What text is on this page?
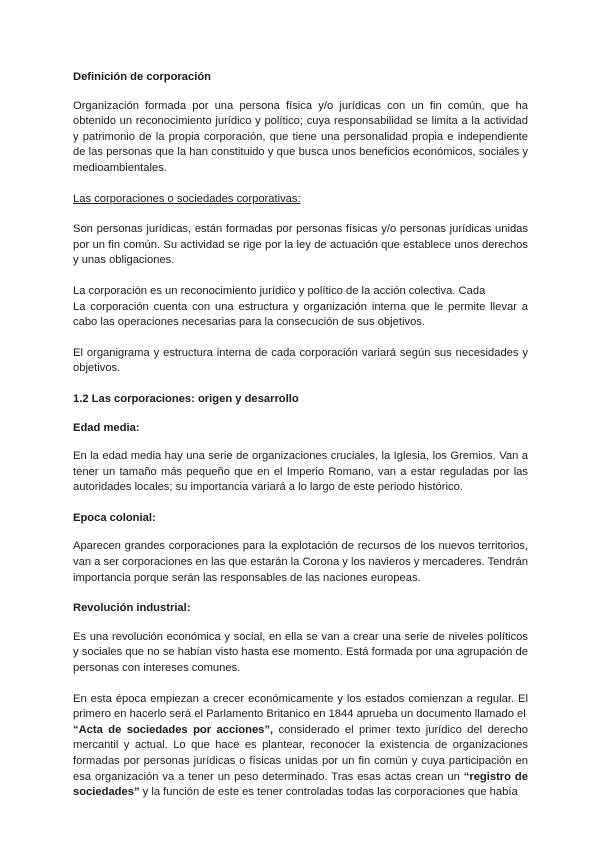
Definición de corporación

Organización formada por una persona física y/o jurídicas con un fin común, que ha obtenido un reconocimiento jurídico y político; cuya responsabilidad se limita a la actividad y patrimonio de la propia corporación, que tiene una personalidad propia e independiente de las personas que la han constituido y que busca unos beneficios económicos, sociales y medioambientales.

Las corporaciones o sociedades corporativas:

Son personas jurídicas, están formadas por personas físicas y/o personas jurídicas unidas por un fin común. Su actividad se rige por la ley de actuación que establece unos derechos y unas obligaciones.

La corporación es un reconocimiento jurídico y político de la acción colectiva. Cada

La corporación cuenta con una estructura y organización interna que le permite llevar a cabo las operaciones necesarias para la consecución de sus objetivos.

El organigrama y estructura interna de cada corporación variará según sus necesidades y objetivos.

1.2 Las corporaciones: origen y desarrollo

Edad media:

En la edad media hay una serie de organizaciones cruciales, la Iglesia, los Gremios. Van a tener un tamaño más pequeño que en el Imperio Romano, van a estar reguladas por las autoridades locales; su importancia variará a lo largo de este periodo histórico.

Epoca colonial:

Aparecen grandes corporaciones para la explotación de recursos de los nuevos territorios, van a ser corporaciones en las que estarán la Corona y los navieros y mercaderes. Tendrán importancia porque serán las responsables de las naciones europeas.

Revolución industrial:

Es una revolución económica y social, en ella se van a crear una serie de niveles políticos y sociales que no se habían visto hasta ese momento. Está formada por una agrupación de personas con intereses comunes.

En esta época empiezan a crecer económicamente y los estados comienzan a regular. El primero en hacerlo será el Parlamento Britanico en 1844 aprueba un documento llamado el
“Acta de sociedades por acciones”, considerado el primer texto jurídico del derecho mercantil y actual. Lo que hace es plantear, reconocer la existencia de organizaciones formadas por personas jurídicas o físicas unidas por un fin común y cuya participación en esa organización va a tener un peso determinado. Tras esas actas crean un “registro de sociedades” y la función de este es tener controladas todas las corporaciones que había
